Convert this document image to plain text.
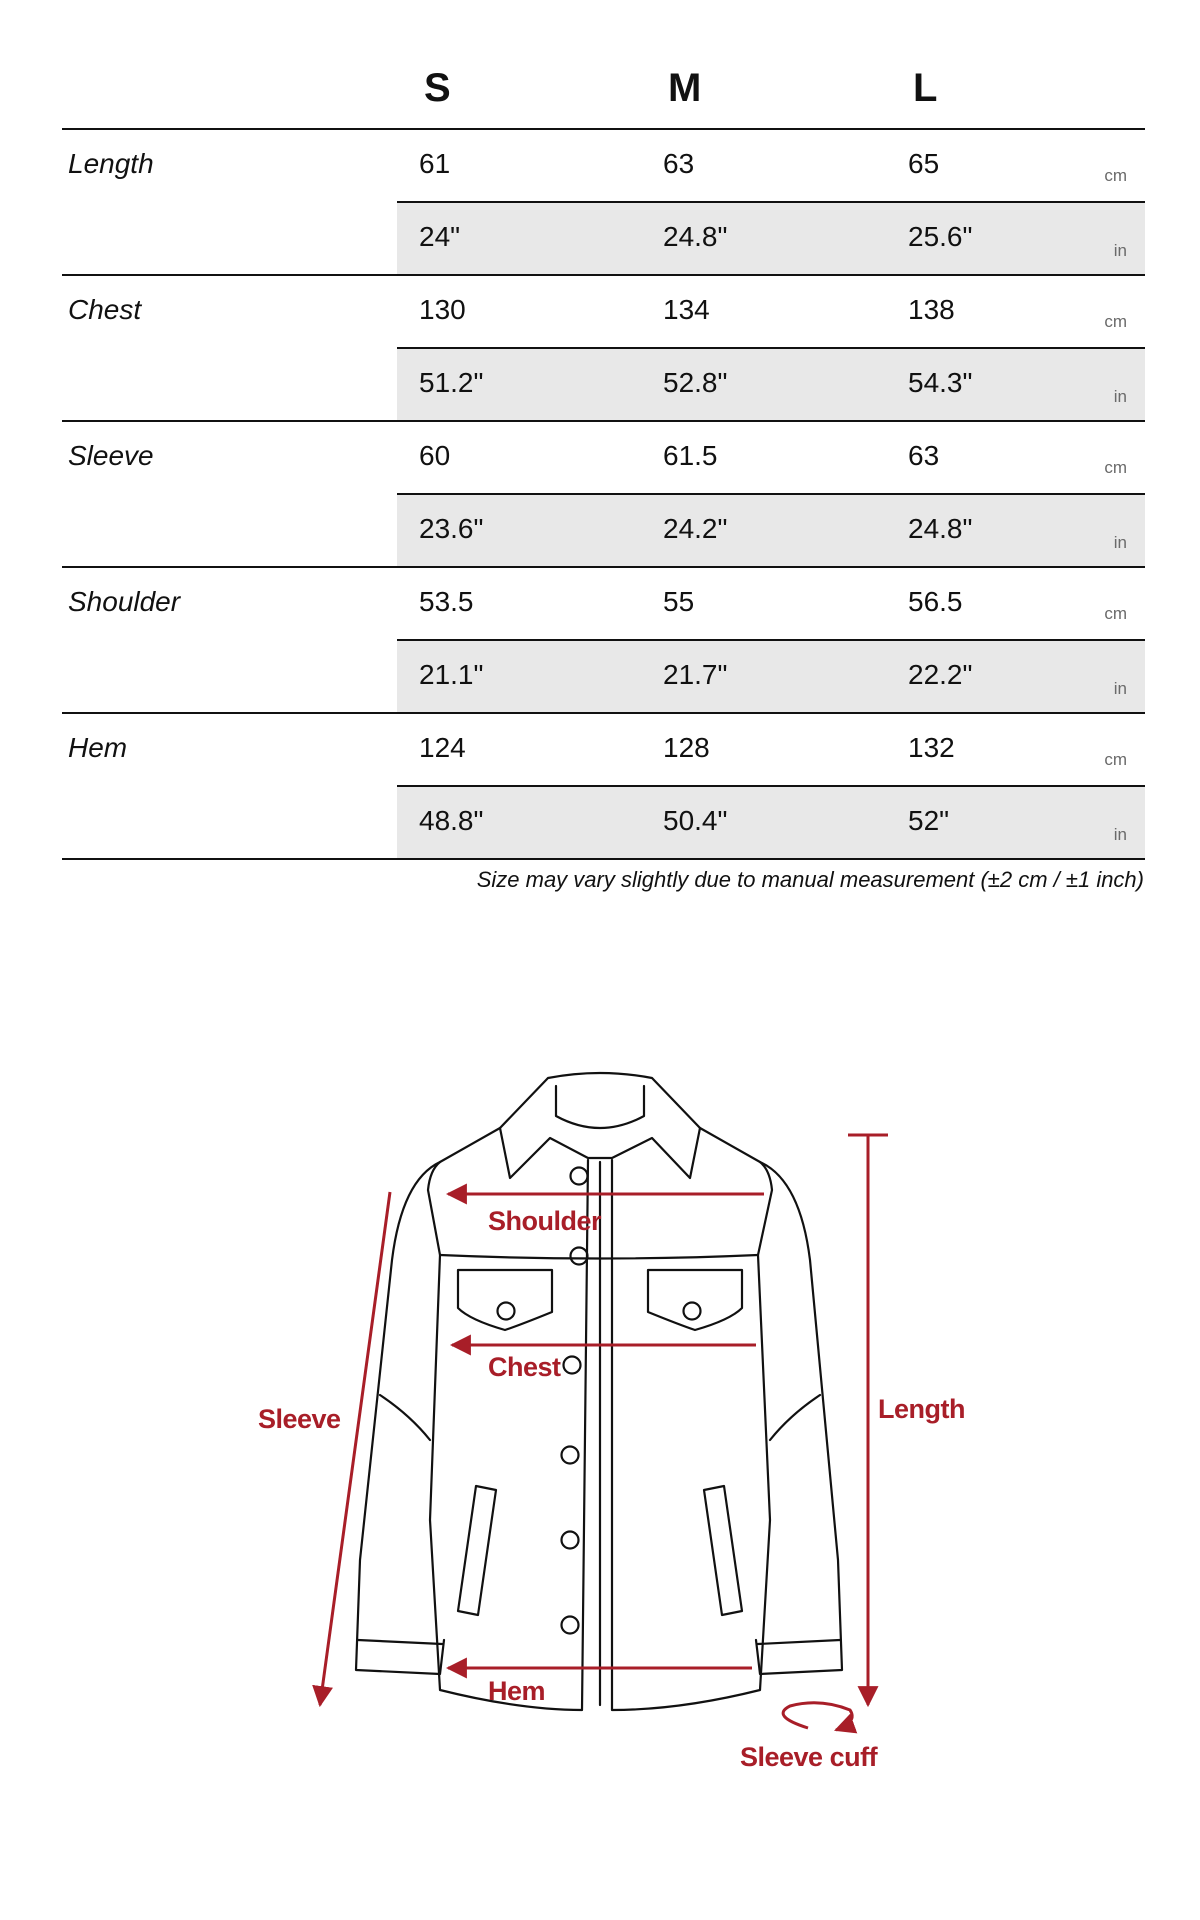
S	M	L
Length	61	63	65	cm
24"	24.8"	25.6"	in
Chest	130	134	138	cm
51.2"	52.8"	54.3"	in
Sleeve	60	61.5	63	cm
23.6"	24.2"	24.8"	in
Shoulder	53.5	55	56.5	cm
21.1"	21.7"	22.2"	in
Hem	124	128	132	cm
48.8"	50.4"	52"	in
Size may vary slightly due to manual measurement (±2 cm / ±1 inch)
Shoulder
Chest
Sleeve	Length
Hem
Sleeve cuff
